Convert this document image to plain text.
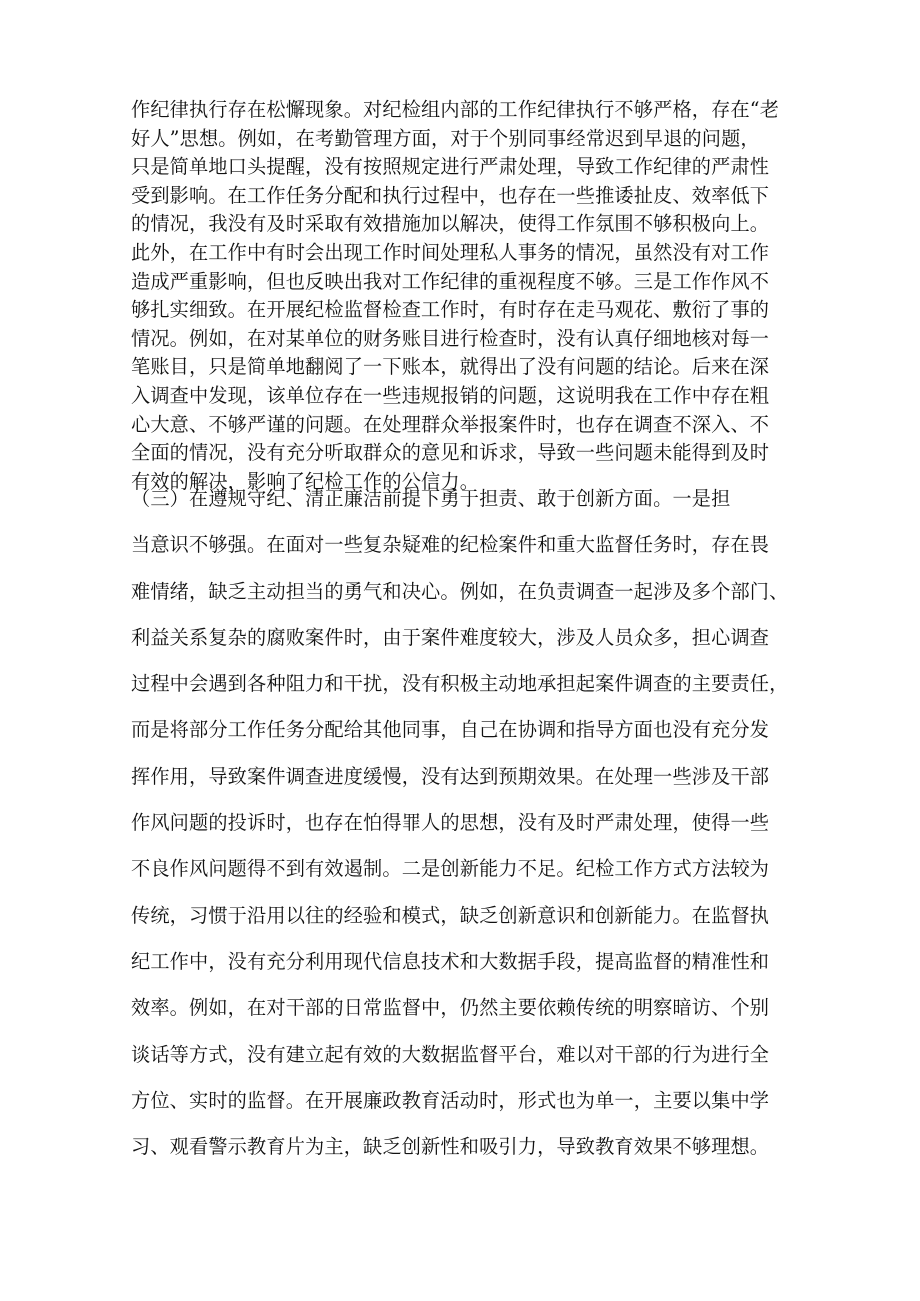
作纪律执行存在松懈现象。对纪检组内部的工作纪律执行不够严格，存在“老
好人”思想。例如，在考勤管理方面，对于个别同事经常迟到早退的问题，
只是简单地口头提醒，没有按照规定进行严肃处理，导致工作纪律的严肃性
受到影响。在工作任务分配和执行过程中，也存在一些推诿扯皮、效率低下
的情况，我没有及时采取有效措施加以解决，使得工作氛围不够积极向上。
此外，在工作中有时会出现工作时间处理私人事务的情况，虽然没有对工作
造成严重影响，但也反映出我对工作纪律的重视程度不够。三是工作作风不
够扎实细致。在开展纪检监督检查工作时，有时存在走马观花、敷衍了事的
情况。例如，在对某单位的财务账目进行检查时，没有认真仔细地核对每一
笔账目，只是简单地翻阅了一下账本，就得出了没有问题的结论。后来在深
入调查中发现，该单位存在一些违规报销的问题，这说明我在工作中存在粗
心大意、不够严谨的问题。在处理群众举报案件时，也存在调查不深入、不
全面的情况，没有充分听取群众的意见和诉求，导致一些问题未能得到及时
有效的解决，影响了纪检工作的公信力。
（三）在遵规守纪、清正廉洁前提下勇于担责、敢于创新方面。一是担
当意识不够强。在面对一些复杂疑难的纪检案件和重大监督任务时，存在畏
难情绪，缺乏主动担当的勇气和决心。例如，在负责调查一起涉及多个部门、
利益关系复杂的腐败案件时，由于案件难度较大，涉及人员众多，担心调查
过程中会遇到各种阻力和干扰，没有积极主动地承担起案件调查的主要责任，
而是将部分工作任务分配给其他同事，自己在协调和指导方面也没有充分发
挥作用，导致案件调查进度缓慢，没有达到预期效果。在处理一些涉及干部
作风问题的投诉时，也存在怕得罪人的思想，没有及时严肃处理，使得一些
不良作风问题得不到有效遏制。二是创新能力不足。纪检工作方式方法较为
传统，习惯于沿用以往的经验和模式，缺乏创新意识和创新能力。在监督执
纪工作中，没有充分利用现代信息技术和大数据手段，提高监督的精准性和
效率。例如，在对干部的日常监督中，仍然主要依赖传统的明察暗访、个别
谈话等方式，没有建立起有效的大数据监督平台，难以对干部的行为进行全
方位、实时的监督。在开展廉政教育活动时，形式也为单一，主要以集中学
习、观看警示教育片为主，缺乏创新性和吸引力，导致教育效果不够理想。
